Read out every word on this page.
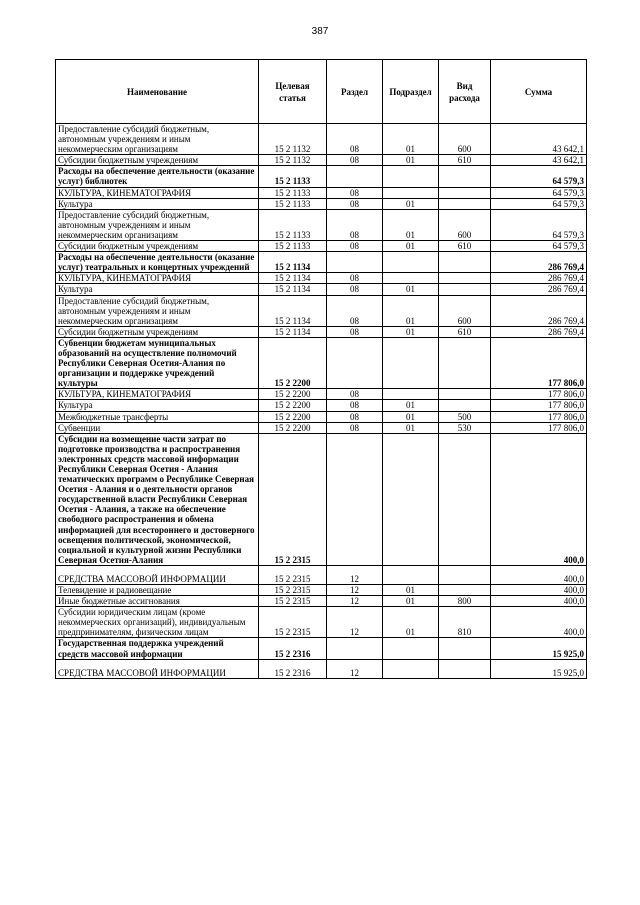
387
Наименование	Целевая статья	Раздел	Подраздел	Вид расхода	Сумма
Предоставление субсидий бюджетным, автономным учреждениям и иным некоммерческим организациям	15 2 1132	08	01	600	43 642,1
Субсидии бюджетным учреждениям	15 2 1132	08	01	610	43 642,1
Расходы на обеспечение деятельности (оказание услуг) библиотек	15 2 1133				64 579,3
КУЛЬТУРА, КИНЕМАТОГРАФИЯ	15 2 1133	08			64 579,3
Культура	15 2 1133	08	01		64 579,3
Предоставление субсидий бюджетным, автономным учреждениям и иным некоммерческим организациям	15 2 1133	08	01	600	64 579,3
Субсидии бюджетным учреждениям	15 2 1133	08	01	610	64 579,3
Расходы на обеспечение деятельности (оказание услуг) театральных и концертных учреждений	15 2 1134				286 769,4
КУЛЬТУРА, КИНЕМАТОГРАФИЯ	15 2 1134	08			286 769,4
Культура	15 2 1134	08	01		286 769,4
Предоставление субсидий бюджетным, автономным учреждениям и иным некоммерческим организациям	15 2 1134	08	01	600	286 769,4
Субсидии бюджетным учреждениям	15 2 1134	08	01	610	286 769,4
Субвенции бюджетам муниципальных образований на осуществление полномочий Республики Северная Осетия-Алания по организации и поддержке учреждений культуры	15 2 2200				177 806,0
КУЛЬТУРА, КИНЕМАТОГРАФИЯ	15 2 2200	08			177 806,0
Культура	15 2 2200	08	01		177 806,0
Межбюджетные трансферты	15 2 2200	08	01	500	177 806,0
Субвенции	15 2 2200	08	01	530	177 806,0
Субсидии на возмещение части затрат по подготовке производства и распространения электронных средств массовой информации Республики Северная Осетия - Алания тематических программ о Республике Северная Осетия - Алания и о деятельности органов государственной власти Республики Северная Осетия - Алания, а также на обеспечение свободного распространения и обмена информацией для всестороннего и достоверного освещения политической, экономической, социальной и культурной жизни Республики Северная Осетия-Алания	15 2 2315				400,0
СРЕДСТВА МАССОВОЙ ИНФОРМАЦИИ	15 2 2315	12			400,0
Телевидение и радиовещание	15 2 2315	12	01		400,0
Иные бюджетные ассигнования	15 2 2315	12	01	800	400,0
Субсидии юридическим лицам (кроме некоммерческих организаций), индивидуальным предпринимателям, физическим лицам	15 2 2315	12	01	810	400,0
Государственная поддержка учреждений средств массовой информации	15 2 2316				15 925,0
СРЕДСТВА МАССОВОЙ ИНФОРМАЦИИ	15 2 2316	12			15 925,0
